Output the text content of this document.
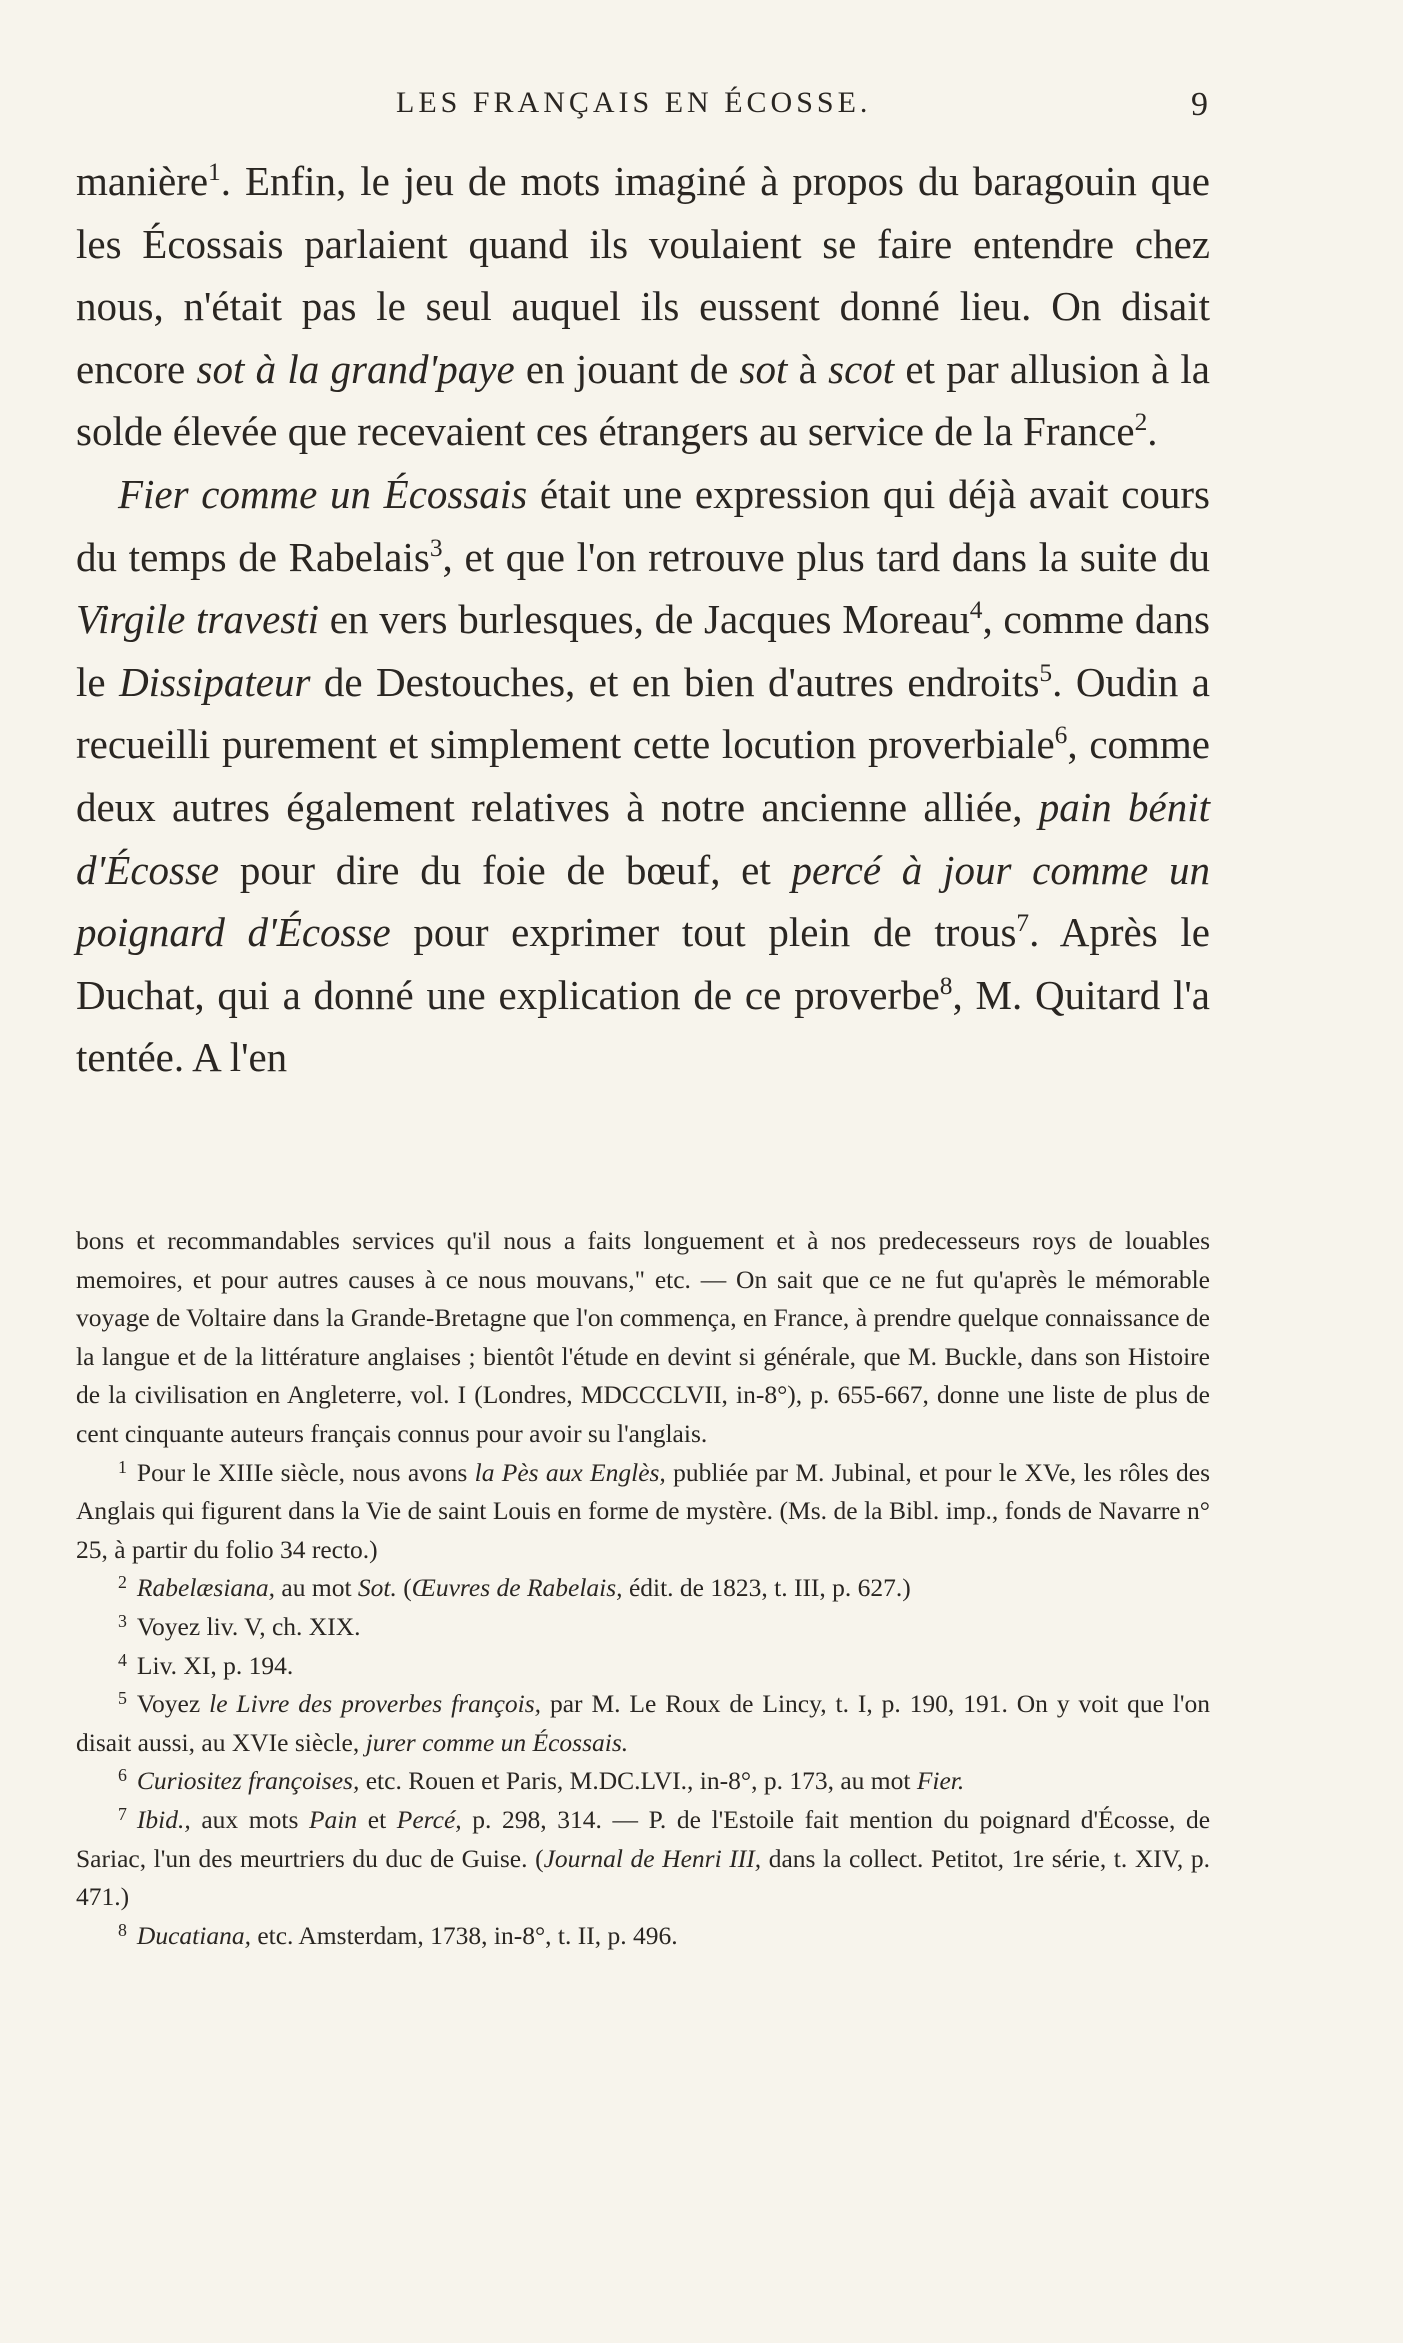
LES FRANÇAIS EN ÉCOSSE.	9

manière$^1$. Enfin, le jeu de mots imaginé à propos du baragouin que les Écossais parlaient quand ils voulaient se faire entendre chez nous, n'était pas le seul auquel ils eussent donné lieu. On disait encore sot à la grand'paye en jouant de sot à scot et par allusion à la solde élevée que recevaient ces étrangers au service de la France$^2$.

Fier comme un Écossais était une expression qui déjà avait cours du temps de Rabelais$^3$, et que l'on retrouve plus tard dans la suite du Virgile travesti en vers burlesques, de Jacques Moreau$^4$, comme dans le Dissipateur de Destouches, et en bien d'autres endroits$^5$. Oudin a recueilli purement et simplement cette locution proverbiale$^6$, comme deux autres également relatives à notre ancienne alliée, pain bénit d'Écosse pour dire du foie de bœuf, et percé à jour comme un poignard d'Écosse pour exprimer tout plein de trous$^7$. Après le Duchat, qui a donné une explication de ce proverbe$^8$, M. Quitard l'a tentée. A l'en

bons et recommandables services qu'il nous a faits longuement et à nos predecesseurs roys de louables memoires, et pour autres causes à ce nous mouvans," etc. — On sait que ce ne fut qu'après le mémorable voyage de Voltaire dans la Grande-Bretagne que l'on commença, en France, à prendre quelque connaissance de la langue et de la littérature anglaises ; bientôt l'étude en devint si générale, que M. Buckle, dans son Histoire de la civilisation en Angleterre, vol. I (Londres, MDCCCLVII, in-8°), p. 655-667, donne une liste de plus de cent cinquante auteurs français connus pour avoir su l'anglais.

$^1$ Pour le XIIIe siècle, nous avons la Pès aux Englès, publiée par M. Jubinal, et pour le XVe, les rôles des Anglais qui figurent dans la Vie de saint Louis en forme de mystère. (Ms. de la Bibl. imp., fonds de Navarre n° 25, à partir du folio 34 recto.)

$^2$ Rabelæsiana, au mot Sot. (Œuvres de Rabelais, édit. de 1823, t. III, p. 627.)

$^3$ Voyez liv. V, ch. XIX.

$^4$ Liv. XI, p. 194.

$^5$ Voyez le Livre des proverbes françois, par M. Le Roux de Lincy, t. I, p. 190, 191. On y voit que l'on disait aussi, au XVIe siècle, jurer comme un Écossais.

$^6$ Curiositez françoises, etc. Rouen et Paris, M.DC.LVI., in-8°, p. 173, au mot Fier.

$^7$ Ibid., aux mots Pain et Percé, p. 298, 314. — P. de l'Estoile fait mention du poignard d'Écosse, de Sariac, l'un des meurtriers du duc de Guise. (Journal de Henri III, dans la collect. Petitot, 1re série, t. XIV, p. 471.)

$^8$ Ducatiana, etc. Amsterdam, 1738, in-8°, t. II, p. 496.
